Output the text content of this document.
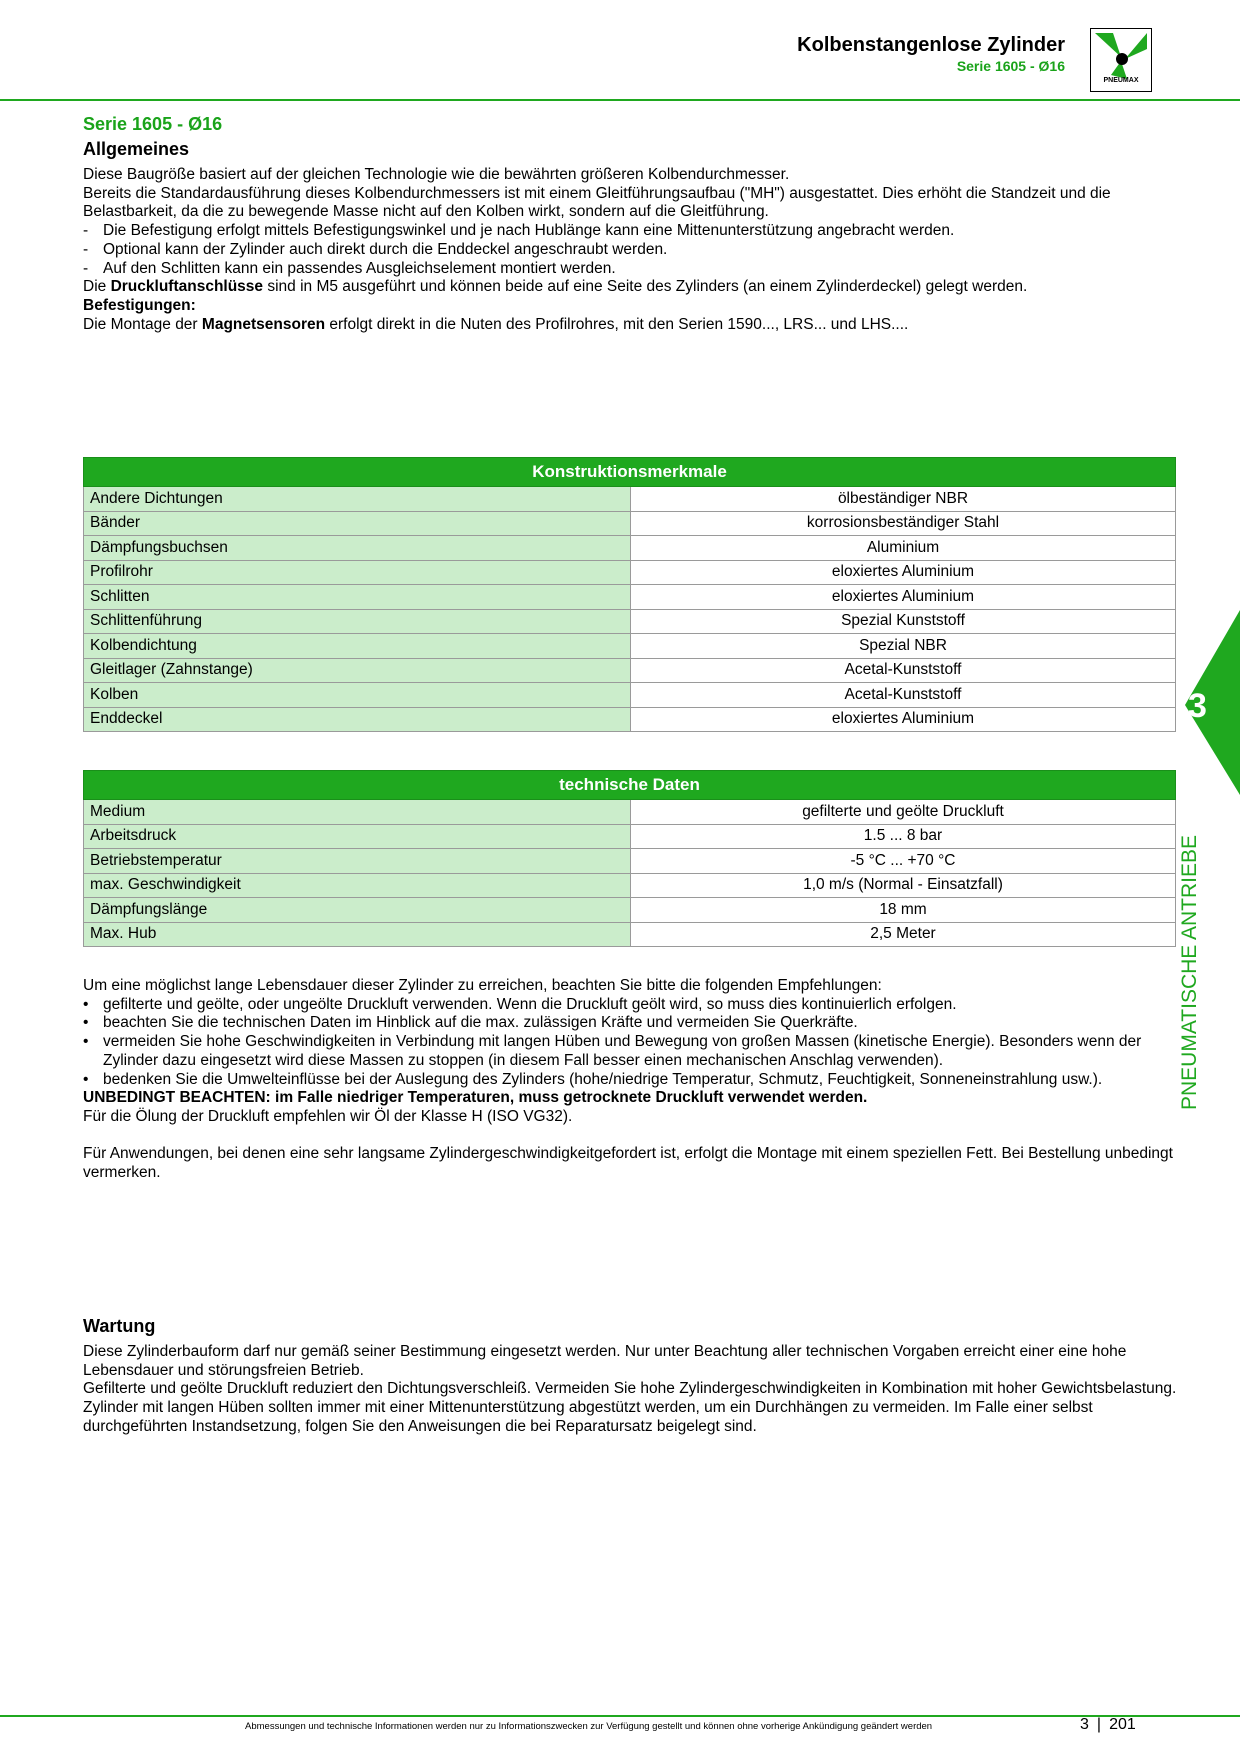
Kolbenstangenlose Zylinder
Serie 1605 - Ø16
PNEUMAX
Serie 1605 - Ø16
Allgemeines

Diese Baugröße basiert auf der gleichen Technologie wie die bewährten größeren Kolbendurchmesser.

Bereits die Standardausführung dieses Kolbendurchmessers ist mit einem Gleitführungsaufbau ("MH") ausgestattet. Dies erhöht die Standzeit und die Belastbarkeit, da die zu bewegende Masse nicht auf den Kolben wirkt, sondern auf die Gleitführung.

- Die Befestigung erfolgt mittels Befestigungswinkel und je nach Hublänge kann eine Mittenunterstützung angebracht werden.
- Optional kann der Zylinder auch direkt durch die Enddeckel angeschraubt werden.
- Auf den Schlitten kann ein passendes Ausgleichselement montiert werden.

Die Druckluftanschlüsse sind in M5 ausgeführt und können beide auf eine Seite des Zylinders (an einem Zylinderdeckel) gelegt werden.

Befestigungen:

Die Montage der Magnetsensoren erfolgt direkt in die Nuten des Profilrohres, mit den Serien 1590..., LRS... und LHS....

Konstruktionsmerkmale	
Andere Dichtungen	ölbeständiger NBR
Bänder	korrosionsbeständiger Stahl
Dämpfungsbuchsen	Aluminium
Profilrohr	eloxiertes Aluminium
Schlitten	eloxiertes Aluminium
Schlittenführung	Spezial Kunststoff
Kolbendichtung	Spezial NBR
Gleitlager (Zahnstange)	Acetal-Kunststoff
Kolben	Acetal-Kunststoff
Enddeckel	eloxiertes Aluminium
technische Daten	
Medium	gefilterte und geölte Druckluft
Arbeitsdruck	1.5 ... 8 bar
Betriebstemperatur	-5 °C ... +70 °C
max. Geschwindigkeit	1,0 m/s (Normal - Einsatzfall)
Dämpfungslänge	18 mm
Max. Hub	2,5 Meter

Um eine möglichst lange Lebensdauer dieser Zylinder zu erreichen, beachten Sie bitte die folgenden Empfehlungen:

• gefilterte und geölte, oder ungeölte Druckluft verwenden. Wenn die Druckluft geölt wird, so muss dies kontinuierlich erfolgen.
• beachten Sie die technischen Daten im Hinblick auf die max. zulässigen Kräfte und vermeiden Sie Querkräfte.
• vermeiden Sie hohe Geschwindigkeiten in Verbindung mit langen Hüben und Bewegung von großen Massen (kinetische Energie). Besonders wenn der Zylinder dazu eingesetzt wird diese Massen zu stoppen (in diesem Fall besser einen mechanischen Anschlag verwenden).
• bedenken Sie die Umwelteinflüsse bei der Auslegung des Zylinders (hohe/niedrige Temperatur, Schmutz, Feuchtigkeit, Sonneneinstrahlung usw.).

UNBEDINGT BEACHTEN: im Falle niedriger Temperaturen, muss getrocknete Druckluft verwendet werden.

Für die Ölung der Druckluft empfehlen wir Öl der Klasse H (ISO VG32).

Für Anwendungen, bei denen eine sehr langsame Zylindergeschwindigkeitgefordert ist, erfolgt die Montage mit einem speziellen Fett. Bei Bestellung unbedingt vermerken.

Wartung

Diese Zylinderbauform darf nur gemäß seiner Bestimmung eingesetzt werden. Nur unter Beachtung aller technischen Vorgaben erreicht einer eine hohe Lebensdauer und störungsfreien Betrieb.

Gefilterte und geölte Druckluft reduziert den Dichtungsverschleiß. Vermeiden Sie hohe Zylindergeschwindigkeiten in Kombination mit hoher Gewichtsbelastung. Zylinder mit langen Hüben sollten immer mit einer Mittenunterstützung abgestützt werden, um ein Durchhängen zu vermeiden. Im Falle einer selbst durchgeführten Instandsetzung, folgen Sie den Anweisungen die bei Reparatursatz beigelegt sind.

3
PNEUMATISCHE ANTRIEBE
Abmessungen und technische Informationen werden nur zu Informationszwecken zur Verfügung gestellt und können ohne vorherige Ankündigung geändert werden	3 | 201
